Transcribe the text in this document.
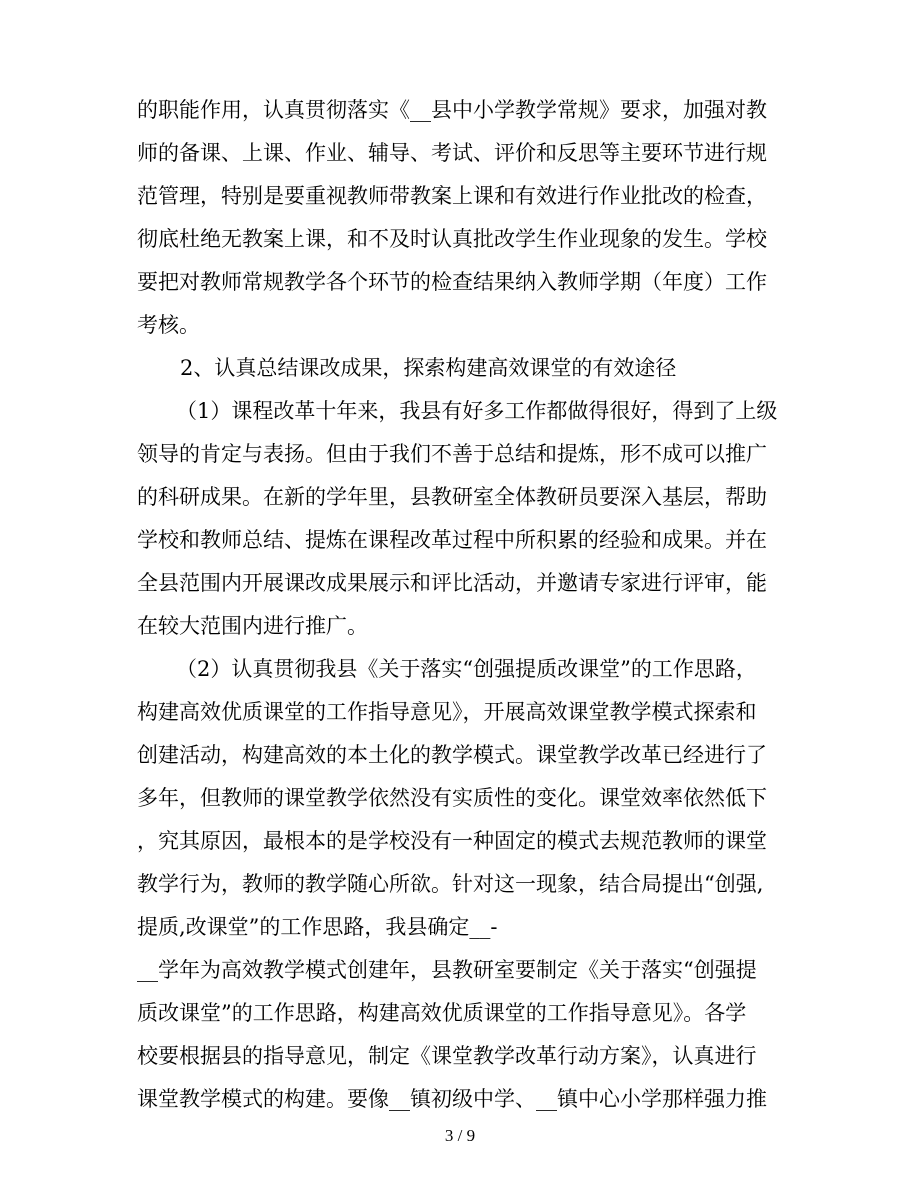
的职能作用，认真贯彻落实《__县中小学教学常规》要求，加强对教
师的备课、上课、作业、辅导、考试、评价和反思等主要环节进行规
范管理，特别是要重视教师带教案上课和有效进行作业批改的检查，
彻底杜绝无教案上课，和不及时认真批改学生作业现象的发生。学校
要把对教师常规教学各个环节的检查结果纳入教师学期（年度）工作
考核。
2、认真总结课改成果，探索构建高效课堂的有效途径
（1）课程改革十年来，我县有好多工作都做得很好，得到了上级
领导的肯定与表扬。但由于我们不善于总结和提炼，形不成可以推广
的科研成果。在新的学年里，县教研室全体教研员要深入基层，帮助
学校和教师总结、提炼在课程改革过程中所积累的经验和成果。并在
全县范围内开展课改成果展示和评比活动，并邀请专家进行评审，能
在较大范围内进行推广。
（2）认真贯彻我县《关于落实“创强提质改课堂”的工作思路，
构建高效优质课堂的工作指导意见》，开展高效课堂教学模式探索和
创建活动，构建高效的本土化的教学模式。课堂教学改革已经进行了
多年，但教师的课堂教学依然没有实质性的变化。课堂效率依然低下
，究其原因，最根本的是学校没有一种固定的模式去规范教师的课堂
教学行为，教师的教学随心所欲。针对这一现象，结合局提出“创强,
提质,改课堂”的工作思路，我县确定__-
__学年为高效教学模式创建年，县教研室要制定《关于落实“创强提
质改课堂”的工作思路，构建高效优质课堂的工作指导意见》。各学
校要根据县的指导意见，制定《课堂教学改革行动方案》，认真进行
课堂教学模式的构建。要像__镇初级中学、__镇中心小学那样强力推
3 / 9
